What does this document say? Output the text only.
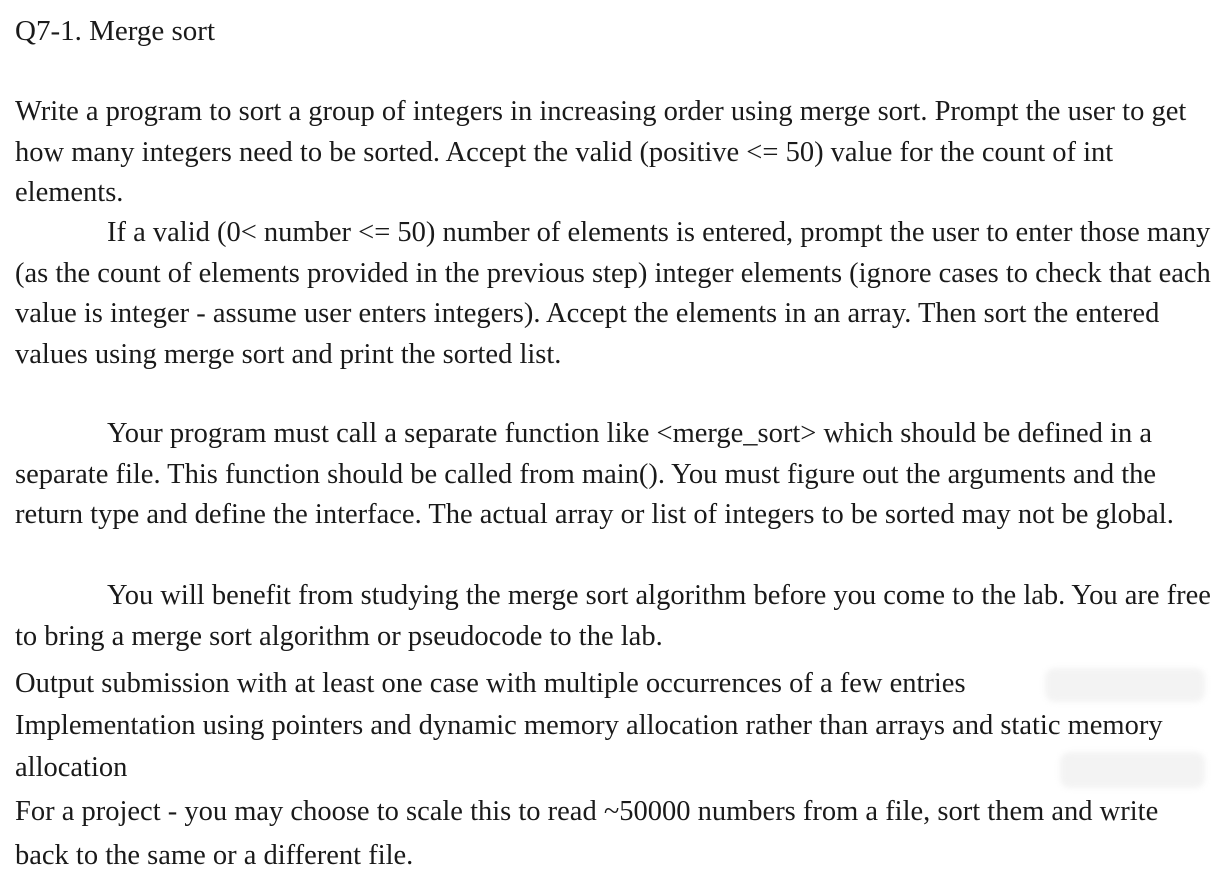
Q7-1. Merge sort

Write a program to sort a group of integers in increasing order using merge sort. Prompt the user to get how many integers need to be sorted. Accept the valid (positive <= 50) value for the count of int elements.

If a valid (0< number <= 50) number of elements is entered, prompt the user to enter those many (as the count of elements provided in the previous step) integer elements (ignore cases to check that each value is integer - assume user enters integers). Accept the elements in an array. Then sort the entered values using merge sort and print the sorted list.

Your program must call a separate function like <merge_sort> which should be defined in a separate file. This function should be called from main(). You must figure out the arguments and the return type and define the interface. The actual array or list of integers to be sorted may not be global.

You will benefit from studying the merge sort algorithm before you come to the lab. You are free to bring a merge sort algorithm or pseudocode to the lab.

Output submission with at least one case with multiple occurrences of a few entries

Implementation using pointers and dynamic memory allocation rather than arrays and static memory allocation

For a project - you may choose to scale this to read ~50000 numbers from a file, sort them and write back to the same or a different file.
